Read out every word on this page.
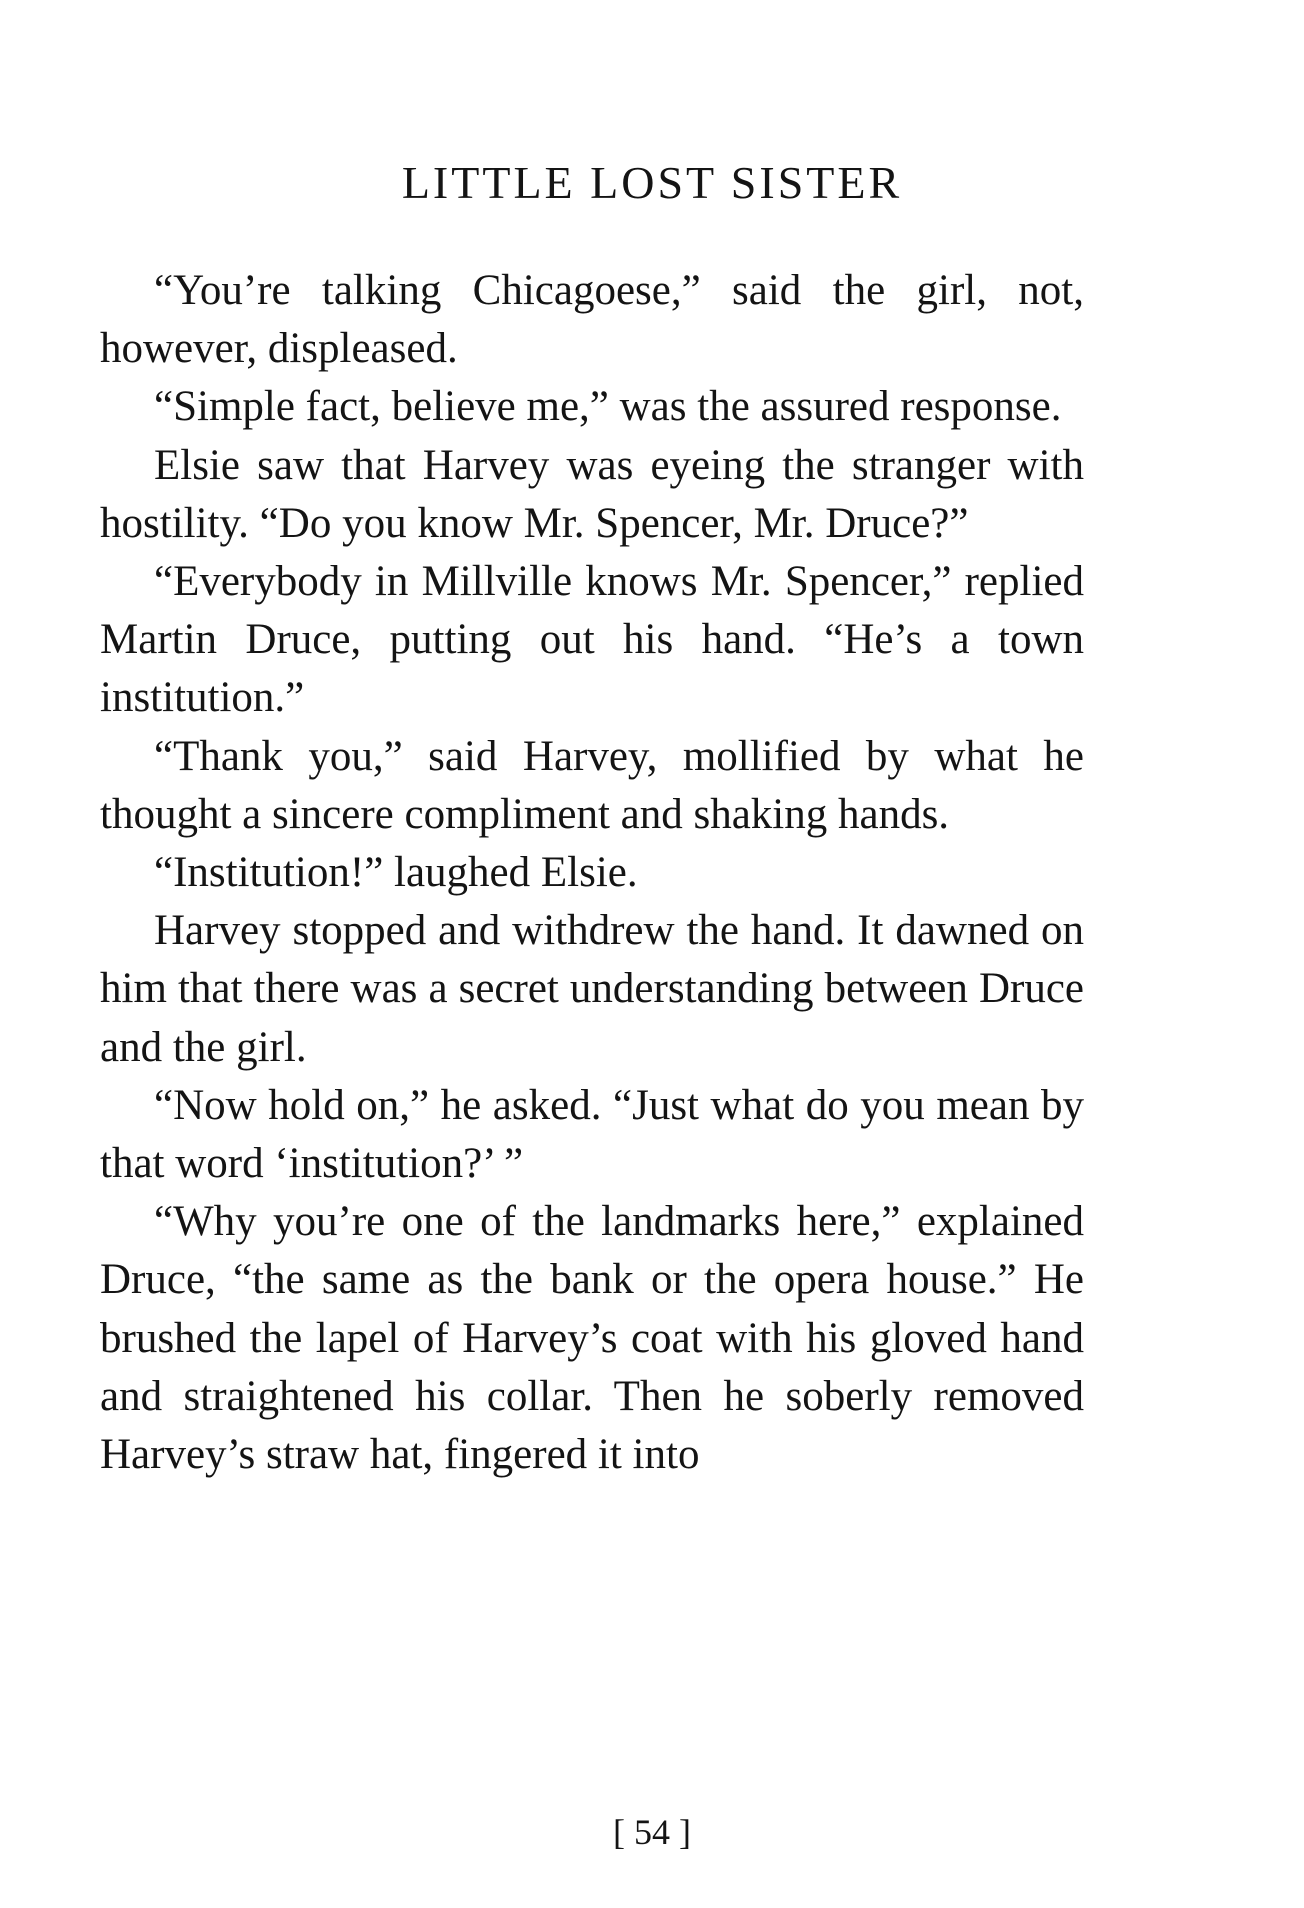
LITTLE LOST SISTER

“You’re talking Chicagoese,” said the girl, not, however, displeased.

“Simple fact, believe me,” was the assured response.

Elsie saw that Harvey was eyeing the stranger with hostility. “Do you know Mr. Spencer, Mr. Druce?”

“Everybody in Millville knows Mr. Spencer,” replied Martin Druce, putting out his hand. “He’s a town institution.”

“Thank you,” said Harvey, mollified by what he thought a sincere compliment and shaking hands.

“Institution!” laughed Elsie.

Harvey stopped and withdrew the hand. It dawned on him that there was a secret understanding between Druce and the girl.

“Now hold on,” he asked. “Just what do you mean by that word ‘institution?’ ”

“Why you’re one of the landmarks here,” explained Druce, “the same as the bank or the opera house.” He brushed the lapel of Harvey’s coat with his gloved hand and straightened his collar. Then he soberly removed Harvey’s straw hat, fingered it into

[ 54 ]
